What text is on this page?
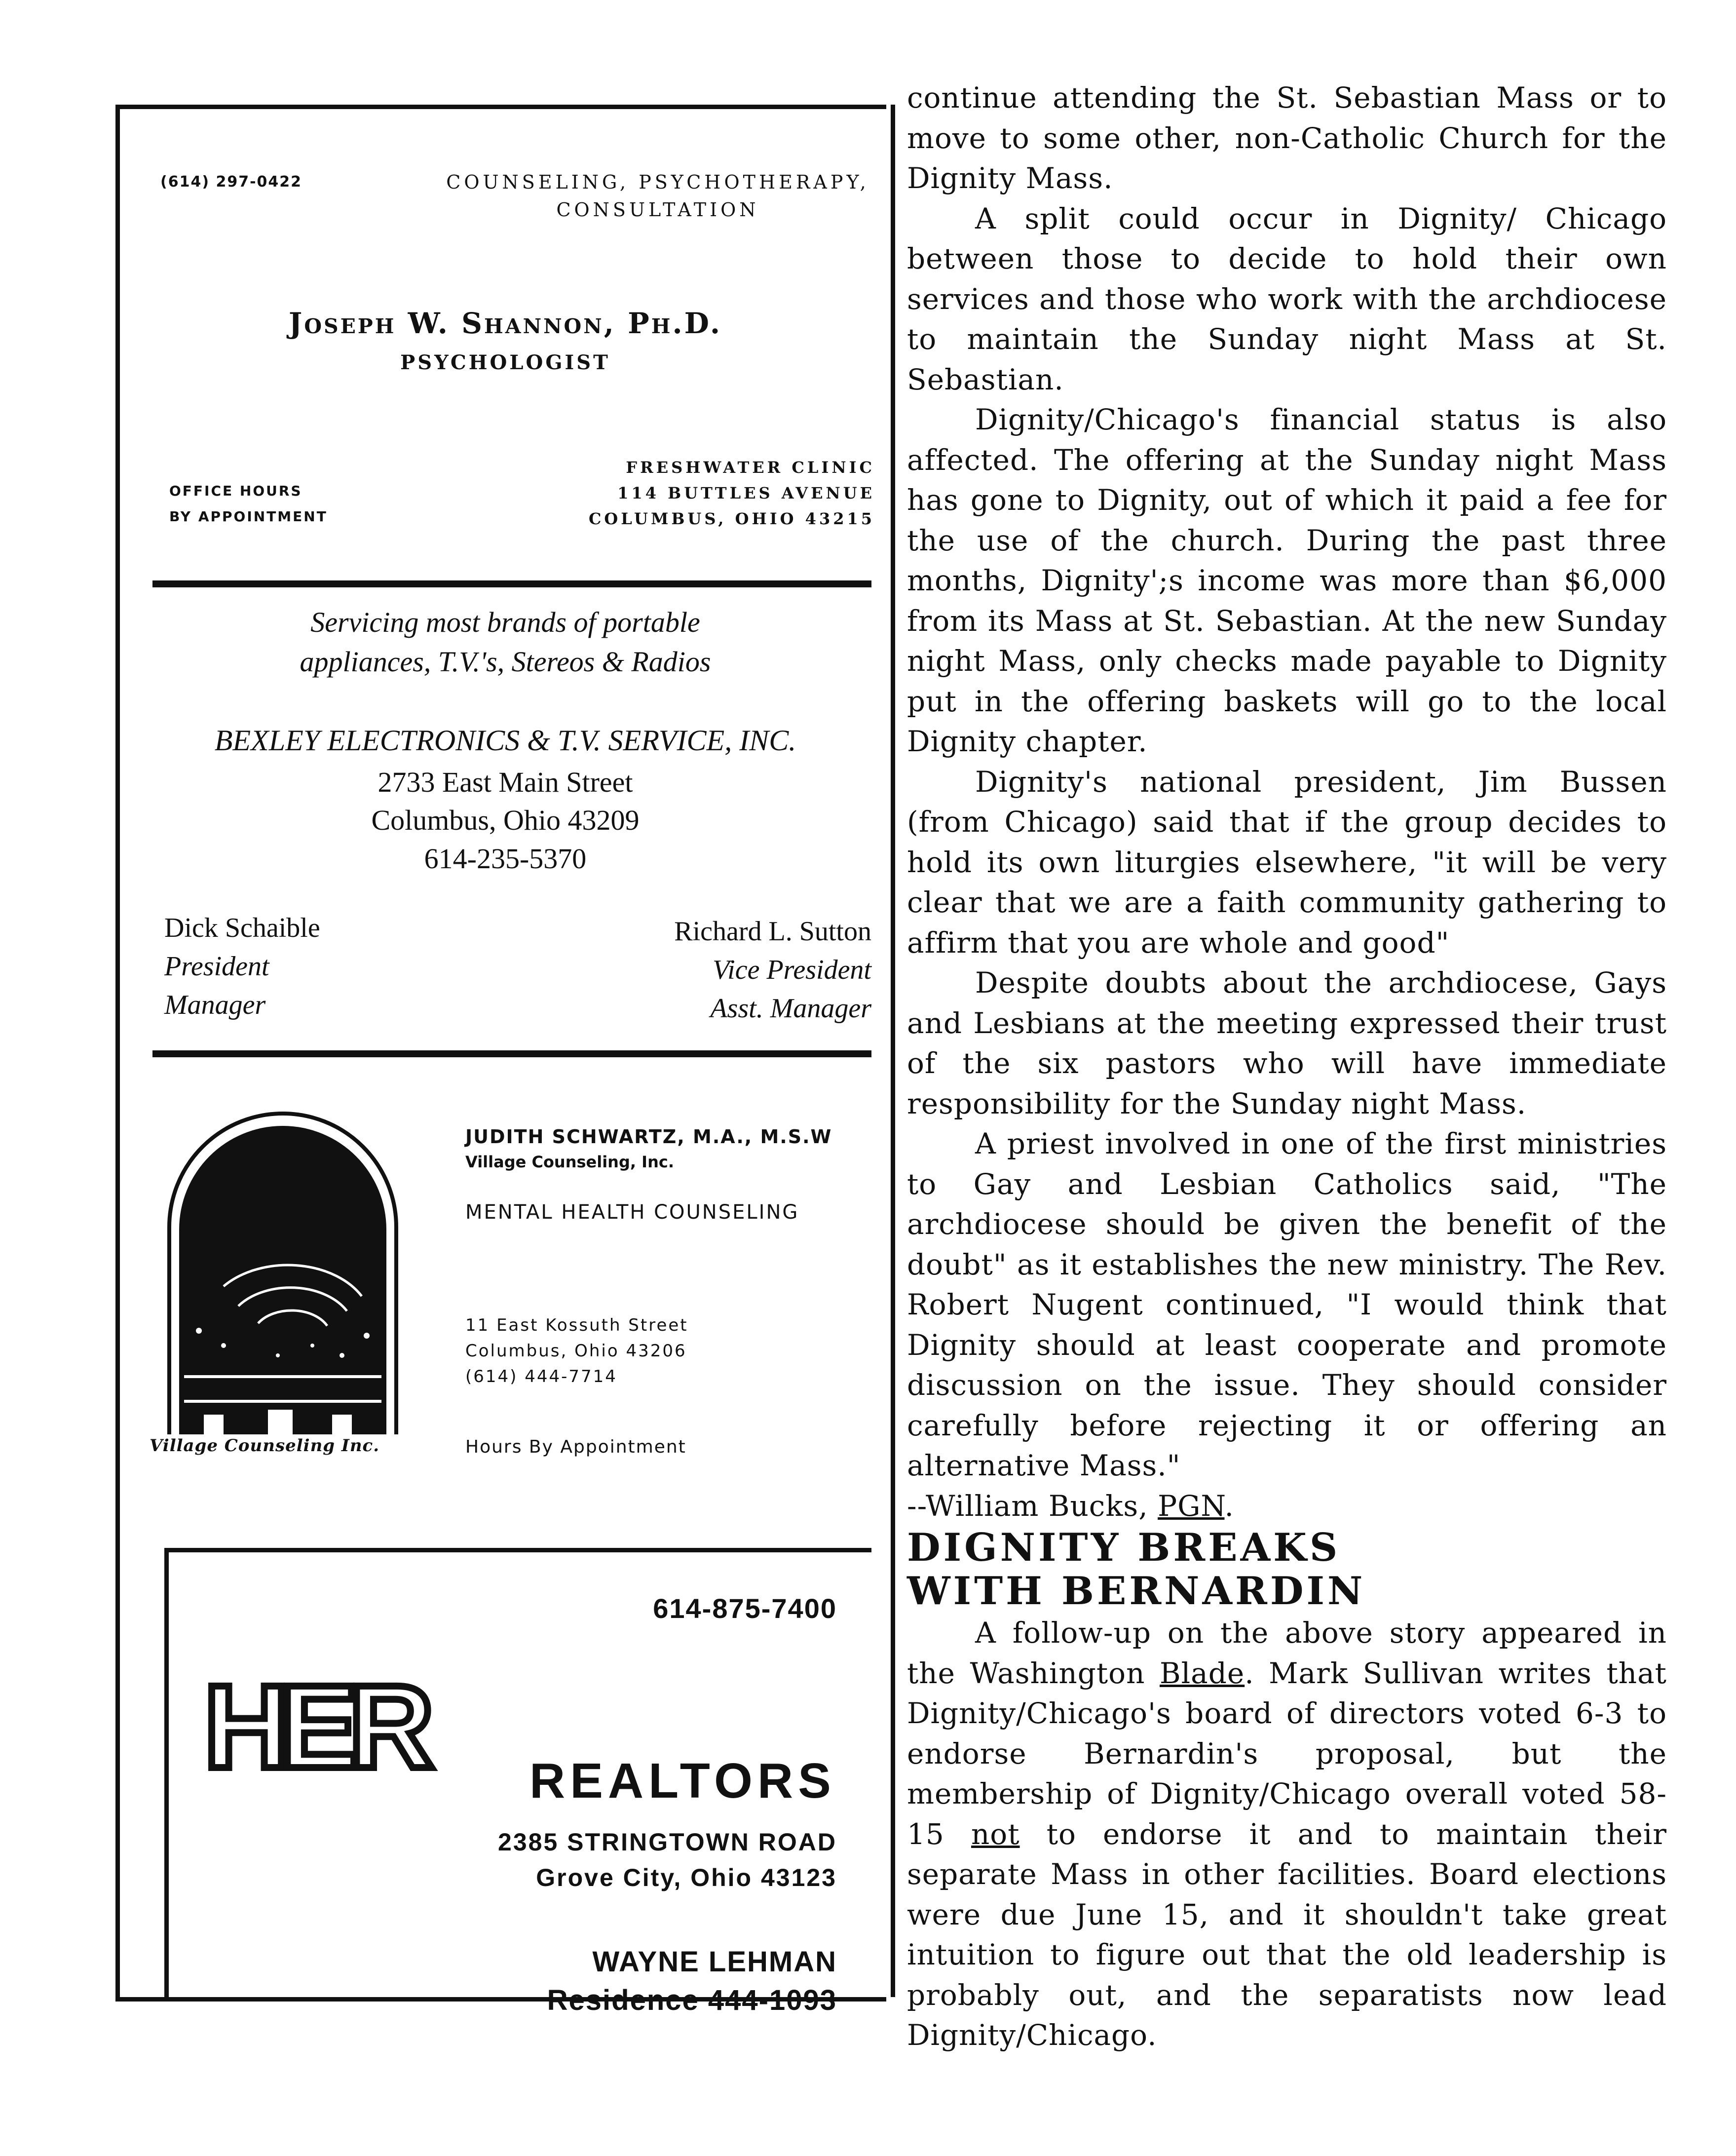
(614) 297-0422	COUNSELING, PSYCHOTHERAPY,
CONSULTATION
Joseph W. Shannon, Ph.D.
PSYCHOLOGIST
OFFICE HOURS
BY APPOINTMENT
FRESHWATER CLINIC
114 BUTTLES AVENUE
COLUMBUS, OHIO 43215
Servicing most brands of portable
appliances, T.V.'s, Stereos & Radios
BEXLEY ELECTRONICS & T.V. SERVICE, INC.
2733 East Main Street
Columbus, Ohio 43209
614-235-5370
Dick Schaible
President
Manager
Richard L. Sutton
Vice President
Asst. Manager
Village Counseling Inc.
JUDITH SCHWARTZ, M.A., M.S.W
Village Counseling, Inc.
MENTAL HEALTH COUNSELING
11 East Kossuth Street
Columbus, Ohio 43206
(614) 444-7714
Hours By Appointment
614-875-7400
HER REALTORS
2385 STRINGTOWN ROAD
Grove City, Ohio 43123
WAYNE LEHMAN
Residence 444-1093

continue attending the St. Sebastian Mass or to move to some other, non-Catholic Church for the Dignity Mass.

A split could occur in Dignity/ Chicago between those to decide to hold their own services and those who work with the archdiocese to maintain the Sunday night Mass at St. Sebastian.

Dignity/Chicago's financial status is also affected. The offering at the Sunday night Mass has gone to Dignity, out of which it paid a fee for the use of the church. During the past three months, Dignity';s income was more than $6,000 from its Mass at St. Sebastian. At the new Sunday night Mass, only checks made payable to Dignity put in the offering baskets will go to the local Dignity chapter.

Dignity's national president, Jim Bussen (from Chicago) said that if the group decides to hold its own liturgies elsewhere, "it will be very clear that we are a faith community gathering to affirm that you are whole and good"

Despite doubts about the archdiocese, Gays and Lesbians at the meeting expressed their trust of the six pastors who will have immediate responsibility for the Sunday night Mass.

A priest involved in one of the first ministries to Gay and Lesbian Catholics said, "The archdiocese should be given the benefit of the doubt" as it establishes the new ministry. The Rev. Robert Nugent continued, "I would think that Dignity should at least cooperate and promote discussion on the issue. They should consider carefully before rejecting it or offering an alternative Mass."

--William Bucks, PGN.

DIGNITY BREAKS
WITH BERNARDIN

A follow-up on the above story appeared in the Washington Blade. Mark Sullivan writes that Dignity/Chicago's board of directors voted 6-3 to endorse Bernardin's proposal, but the membership of Dignity/Chicago overall voted 58-15 not to endorse it and to maintain their separate Mass in other facilities. Board elections were due June 15, and it shouldn't take great intuition to figure out that the old leadership is probably out, and the separatists now lead Dignity/Chicago.
